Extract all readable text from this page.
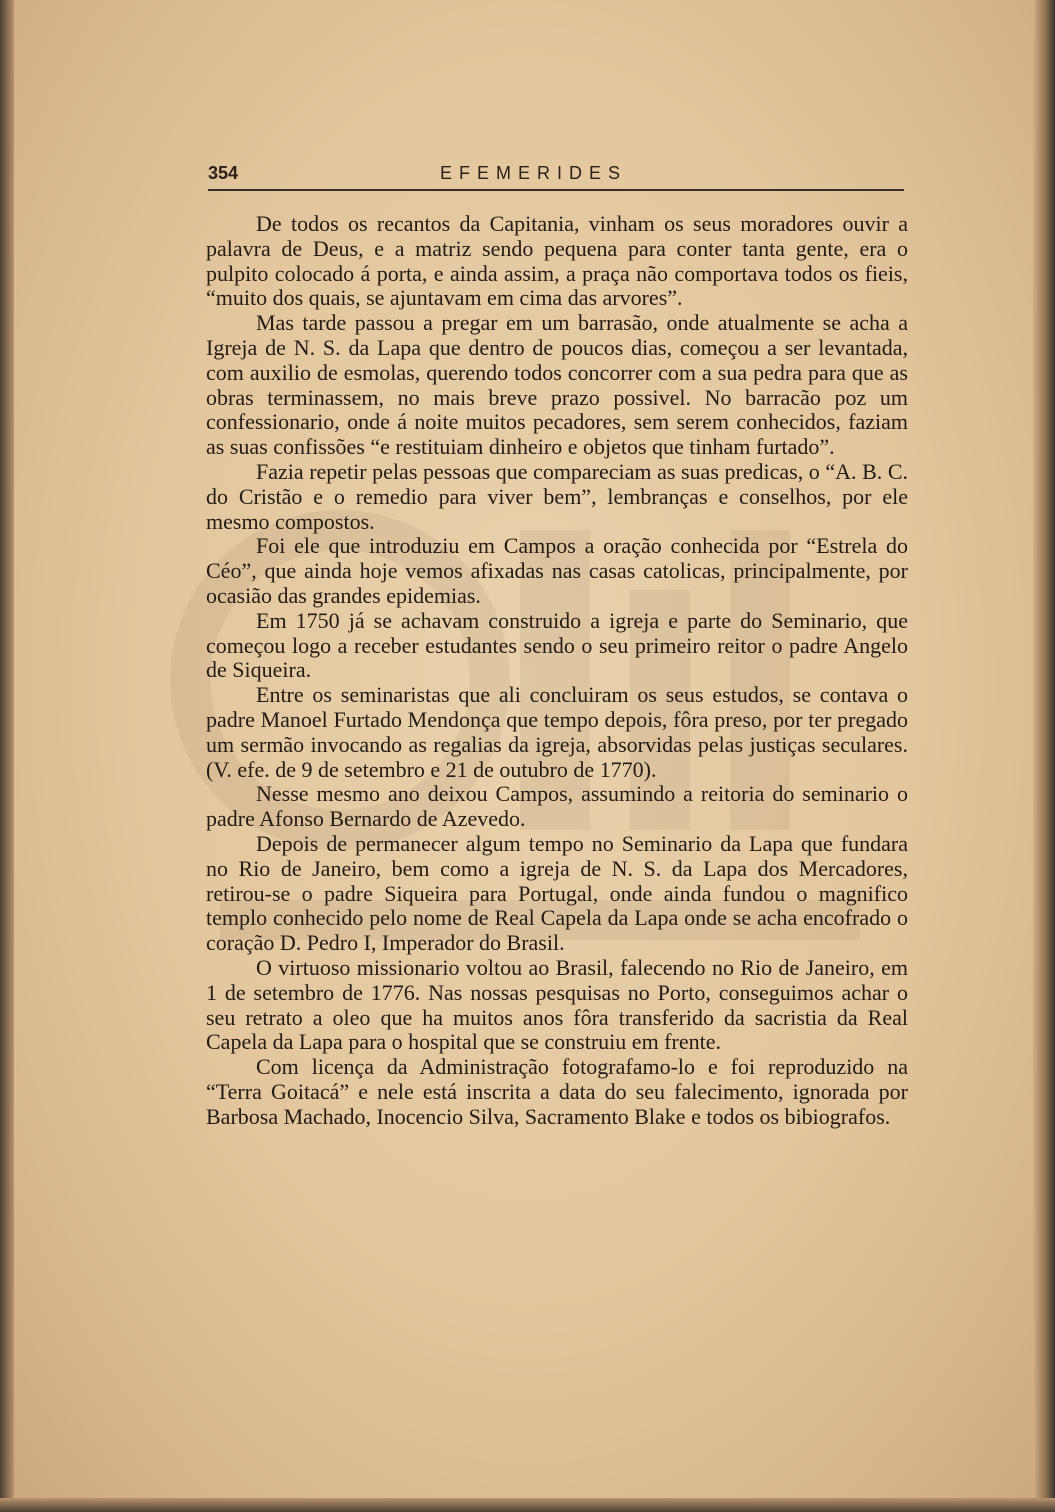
354	EFEMERIDES

De todos os recantos da Capitania, vinham os seus moradores ouvir a palavra de Deus, e a matriz sendo pequena para conter tanta gente, era o pulpito colocado á porta, e ainda assim, a praça não comportava todos os fieis, “muito dos quais, se ajuntavam em cima das arvores”.

Mas tarde passou a pregar em um barrasão, onde atualmente se acha a Igreja de N. S. da Lapa que dentro de poucos dias, começou a ser levantada, com auxilio de esmolas, querendo todos concorrer com a sua pedra para que as obras terminassem, no mais breve prazo possivel. No barracão poz um confessionario, onde á noite muitos pecadores, sem serem conhecidos, faziam as suas confissões “e restituiam dinheiro e objetos que tinham furtado”.

Fazia repetir pelas pessoas que compareciam as suas predicas, o “A. B. C. do Cristão e o remedio para viver bem”, lembranças e conselhos, por ele mesmo compostos.

Foi ele que introduziu em Campos a oração conhecida por “Estrela do Céo”, que ainda hoje vemos afixadas nas casas catolicas, principalmente, por ocasião das grandes epidemias.

Em 1750 já se achavam construido a igreja e parte do Seminario, que começou logo a receber estudantes sendo o seu primeiro reitor o padre Angelo de Siqueira.

Entre os seminaristas que ali concluiram os seus estudos, se contava o padre Manoel Furtado Mendonça que tempo depois, fôra preso, por ter pregado um sermão invocando as regalias da igreja, absorvidas pelas justiças seculares. (V. efe. de 9 de setembro e 21 de outubro de 1770).

Nesse mesmo ano deixou Campos, assumindo a reitoria do seminario o padre Afonso Bernardo de Azevedo.

Depois de permanecer algum tempo no Seminario da Lapa que fundara no Rio de Janeiro, bem como a igreja de N. S. da Lapa dos Mercadores, retirou-se o padre Siqueira para Portugal, onde ainda fundou o magnifico templo conhecido pelo nome de Real Capela da Lapa onde se acha encofrado o coração D. Pedro I, Imperador do Brasil.

O virtuoso missionario voltou ao Brasil, falecendo no Rio de Janeiro, em 1 de setembro de 1776. Nas nossas pesquisas no Porto, conseguimos achar o seu retrato a oleo que ha muitos anos fôra transferido da sacristia da Real Capela da Lapa para o hospital que se construiu em frente.

Com licença da Administração fotografamo-lo e foi reproduzido na “Terra Goitacá” e nele está inscrita a data do seu falecimento, ignorada por Barbosa Machado, Inocencio Silva, Sacramento Blake e todos os bibiografos.
